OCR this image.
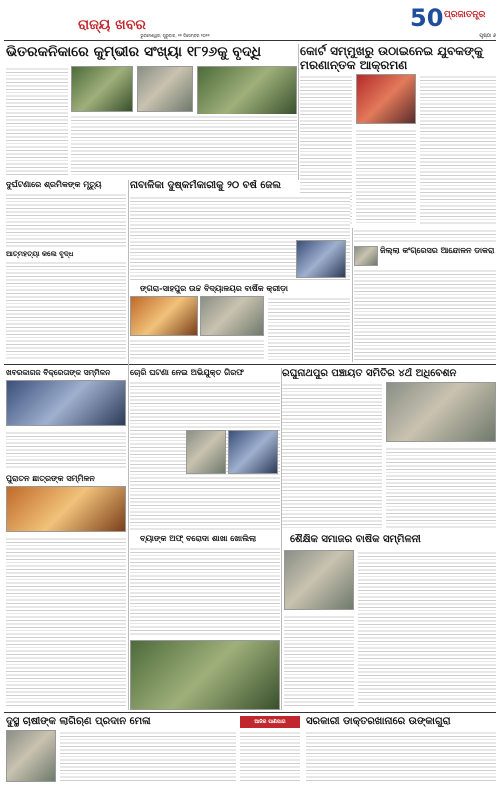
ରାଜ୍ୟ ଖବର
ଭୁବନେଶ୍ୱର, ଗୁରୁବାର, ୨୨ ଡିସେମ୍ବର ୨୦୨୨
50 ପ୍ରଜାତନ୍ତ୍ର
ପୃଷ୍ଠା ୬
ଭିତରକନିକାରେ କୁମ୍ଭୀର ସଂଖ୍ୟା ୧୮୨୬କୁ ବୃଦ୍ଧି	କୋର୍ଟ ସମ୍ମୁଖରୁ ଉଠାଇନେଇ ଯୁବକଙ୍କୁ ମରଣାନ୍ତକ ଆକ୍ରମଣ
ଦୁର୍ଘଟଣାରେ ଶ୍ରମିକଙ୍କ ମୃତ୍ୟୁ
ଆତ୍ମହତ୍ୟା କଲେ ବୃଦ୍ଧ
ନାବାଳିକା ଦୁଷ୍କର୍ମକାରୀକୁ ୨୦ ବର୍ଷ ଜେଲ
ଙ୍ଗରା-ସାହପୁର ଉଚ୍ଚ ବିଦ୍ୟାଳୟର ବାର୍ଷିକ କ୍ରୀଡ଼ା
ଜିଲ୍ଲା କଂଗ୍ରେସର ଆନ୍ଦୋଳନ ଡାକରା
ଖବରକାଗଜ ବିକ୍ରେତାଙ୍କ ସମ୍ମିଳନ
ପୁରାତନ ଛାତ୍ରଙ୍କ ସମ୍ମିଳନ
ଚୋରି ଘଟଣା ନେଇ ଅଭିଯୁକ୍ତ ଗିରଫ	ରଘୁନାଥପୁର ପଞ୍ଚାୟତ ସମିତିର ୪ର୍ଥ ଅଧିବେଶନ
ବ୍ୟାଙ୍କ ଅଫ୍ ବରୋଦା ଶାଖା ଖୋଲିଲା	ଶୈକ୍ଷିକ ସମାଜର ବାର୍ଷିକ ସମ୍ମିଳନୀ
ଦୁସ୍ଥ ଚାଷୀଙ୍କ ଲାଗିଋଣ ପ୍ରଦାନ ମେଳା	ଆଜିର ପାଣିପାଗ	ସରକାରୀ ଡାକ୍ତରଖାନାରେ ଉଙ୍କାଗୁରା
